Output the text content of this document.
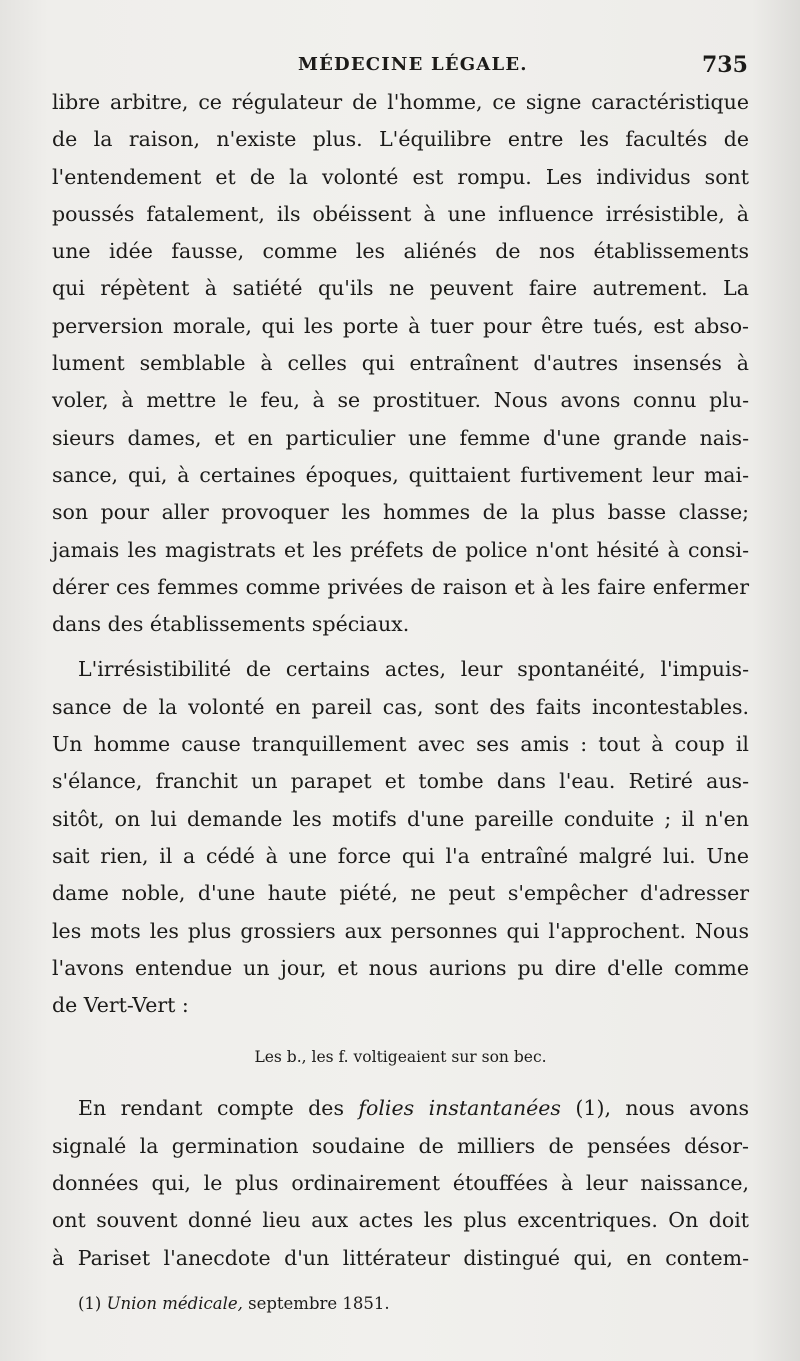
MÉDECINE LÉGALE.	735
libre arbitre, ce régulateur de l'homme, ce signe caractéristique
de la raison, n'existe plus. L'équilibre entre les facultés de
l'entendement et de la volonté est rompu. Les individus sont
poussés fatalement, ils obéissent à une influence irrésistible, à
une idée fausse, comme les aliénés de nos établissements
qui répètent à satiété qu'ils ne peuvent faire autrement. La
perversion morale, qui les porte à tuer pour être tués, est abso-
lument semblable à celles qui entraînent d'autres insensés à
voler, à mettre le feu, à se prostituer. Nous avons connu plu-
sieurs dames, et en particulier une femme d'une grande nais-
sance, qui, à certaines époques, quittaient furtivement leur mai-
son pour aller provoquer les hommes de la plus basse classe;
jamais les magistrats et les préfets de police n'ont hésité à consi-
dérer ces femmes comme privées de raison et à les faire enfermer
dans des établissements spéciaux.
L'irrésistibilité de certains actes, leur spontanéité, l'impuis-
sance de la volonté en pareil cas, sont des faits incontestables.
Un homme cause tranquillement avec ses amis : tout à coup il
s'élance, franchit un parapet et tombe dans l'eau. Retiré aus-
sitôt, on lui demande les motifs d'une pareille conduite ; il n'en
sait rien, il a cédé à une force qui l'a entraîné malgré lui. Une
dame noble, d'une haute piété, ne peut s'empêcher d'adresser
les mots les plus grossiers aux personnes qui l'approchent. Nous
l'avons entendue un jour, et nous aurions pu dire d'elle comme
de Vert-Vert :
Les b., les f. voltigeaient sur son bec.
En rendant compte des folies instantanées (1), nous avons
signalé la germination soudaine de milliers de pensées désor-
données qui, le plus ordinairement étouffées à leur naissance,
ont souvent donné lieu aux actes les plus excentriques. On doit
à Pariset l'anecdote d'un littérateur distingué qui, en contem-
(1) Union médicale, septembre 1851.
